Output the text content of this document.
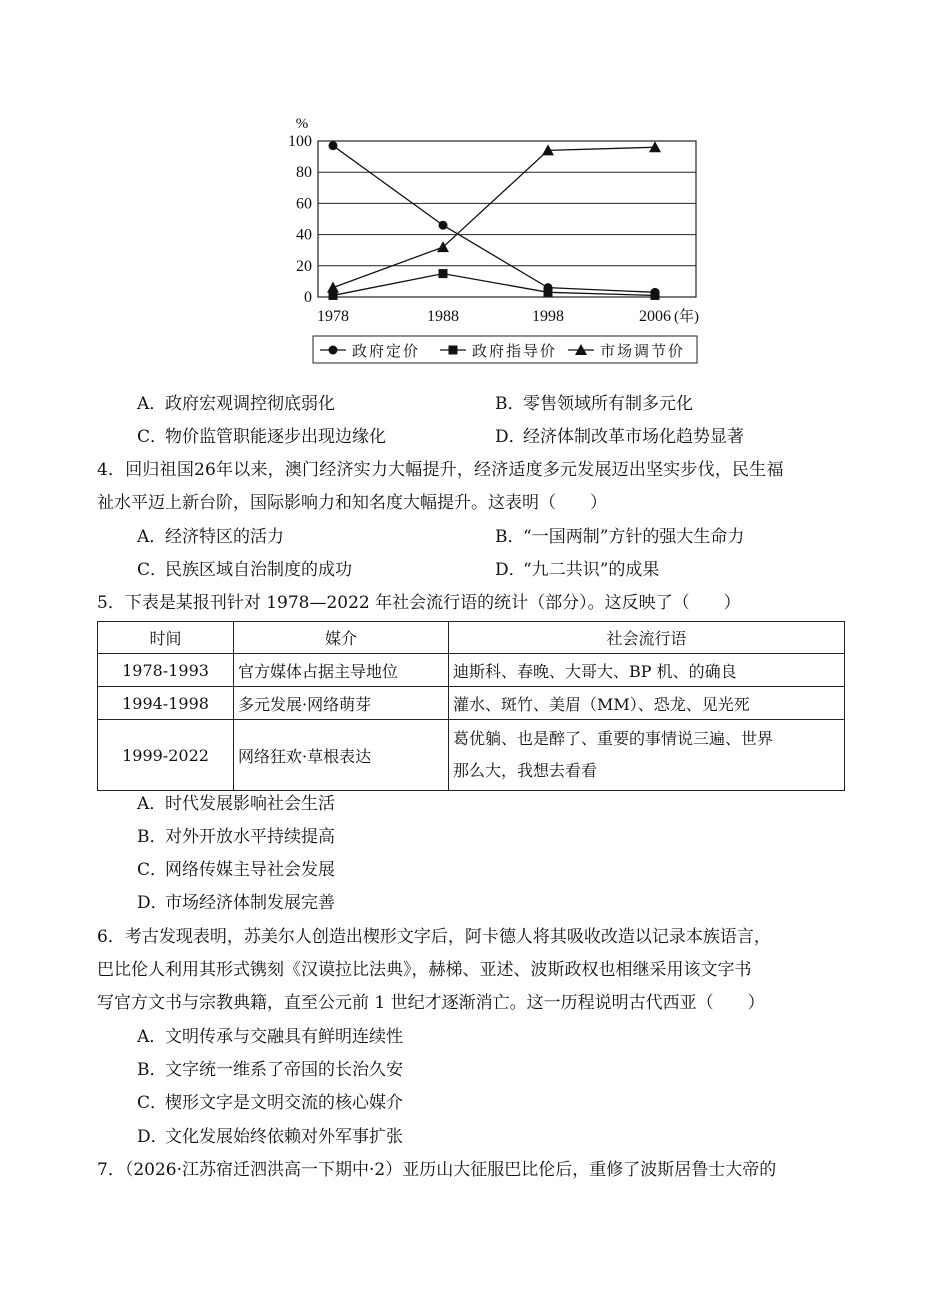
0
20
40
60
80
100
%
1978	1988	1998	2006 (年)
政府定价	政府指导价	市场调节价
A．政府宏观调控彻底弱化	B．零售领域所有制多元化
C．物价监管职能逐步出现边缘化	D．经济体制改革市场化趋势显著
4．回归祖国26年以来，澳门经济实力大幅提升，经济适度多元发展迈出坚实步伐，民生福
祉水平迈上新台阶，国际影响力和知名度大幅提升。这表明（　　）
A．经济特区的活力	B．“一国两制”方针的强大生命力
C．民族区域自治制度的成功	D．“九二共识”的成果
5．下表是某报刊针对 1978—2022 年社会流行语的统计（部分）。这反映了（　　）
时间	媒介	社会流行语
1978-1993	官方媒体占据主导地位	迪斯科、春晚、大哥大、BP 机、的确良
1994-1998	多元发展·网络萌芽	灌水、斑竹、美眉（MM）、恐龙、见光死
1999-2022	网络狂欢·草根表达	葛优躺、也是醉了、重要的事情说三遍、世界那么大，我想去看看
A．时代发展影响社会生活
B．对外开放水平持续提高
C．网络传媒主导社会发展
D．市场经济体制发展完善
6．考古发现表明，苏美尔人创造出楔形文字后，阿卡德人将其吸收改造以记录本族语言，
巴比伦人利用其形式镌刻《汉谟拉比法典》，赫梯、亚述、波斯政权也相继采用该文字书
写官方文书与宗教典籍，直至公元前 1 世纪才逐渐消亡。这一历程说明古代西亚（　　）
A．文明传承与交融具有鲜明连续性
B．文字统一维系了帝国的长治久安
C．楔形文字是文明交流的核心媒介
D．文化发展始终依赖对外军事扩张
7．（2026·江苏宿迁泗洪高一下期中·2）亚历山大征服巴比伦后，重修了波斯居鲁士大帝的
